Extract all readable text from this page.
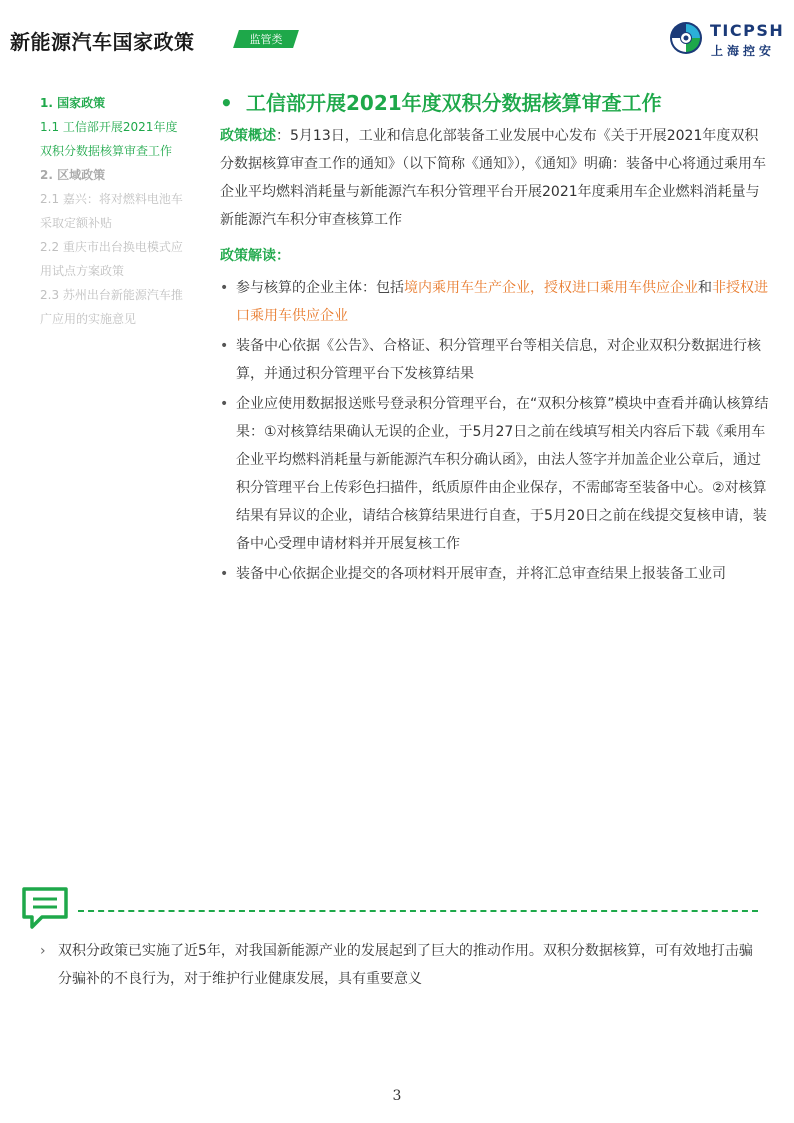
新能源汽车国家政策	监管类	TICPSH
上海控安
1. 国家政策
1.1 工信部开展2021年度
双积分数据核算审查工作
2. 区域政策
2.1 嘉兴：将对燃料电池车
采取定额补贴
2.2 重庆市出台换电模式应
用试点方案政策
2.3 苏州出台新能源汽车推
广应用的实施意见
• 工信部开展2021年度双积分数据核算审查工作

政策概述：5月13日，工业和信息化部装备工业发展中心发布《关于开展2021年度双积分数据核算审查工作的通知》（以下简称《通知》），《通知》明确：装备中心将通过乘用车企业平均燃料消耗量与新能源汽车积分管理平台开展2021年度乘用车企业燃料消耗量与新能源汽车积分审查核算工作

政策解读：
• 参与核算的企业主体：包括境内乘用车生产企业，授权进口乘用车供应企业和非授权进口乘用车供应企业
• 装备中心依据《公告》、合格证、积分管理平台等相关信息，对企业双积分数据进行核算，并通过积分管理平台下发核算结果
• 企业应使用数据报送账号登录积分管理平台，在“双积分核算”模块中查看并确认核算结果：①对核算结果确认无误的企业，于5月27日之前在线填写相关内容后下载《乘用车企业平均燃料消耗量与新能源汽车积分确认函》，由法人签字并加盖企业公章后，通过积分管理平台上传彩色扫描件，纸质原件由企业保存，不需邮寄至装备中心。②对核算结果有异议的企业，请结合核算结果进行自查，于5月20日之前在线提交复核申请，装备中心受理申请材料并开展复核工作
• 装备中心依据企业提交的各项材料开展审查，并将汇总审查结果上报装备工业司
› 双积分政策已实施了近5年，对我国新能源产业的发展起到了巨大的推动作用。双积分数据核算，可有效地打击骗分骗补的不良行为，对于维护行业健康发展，具有重要意义
3
